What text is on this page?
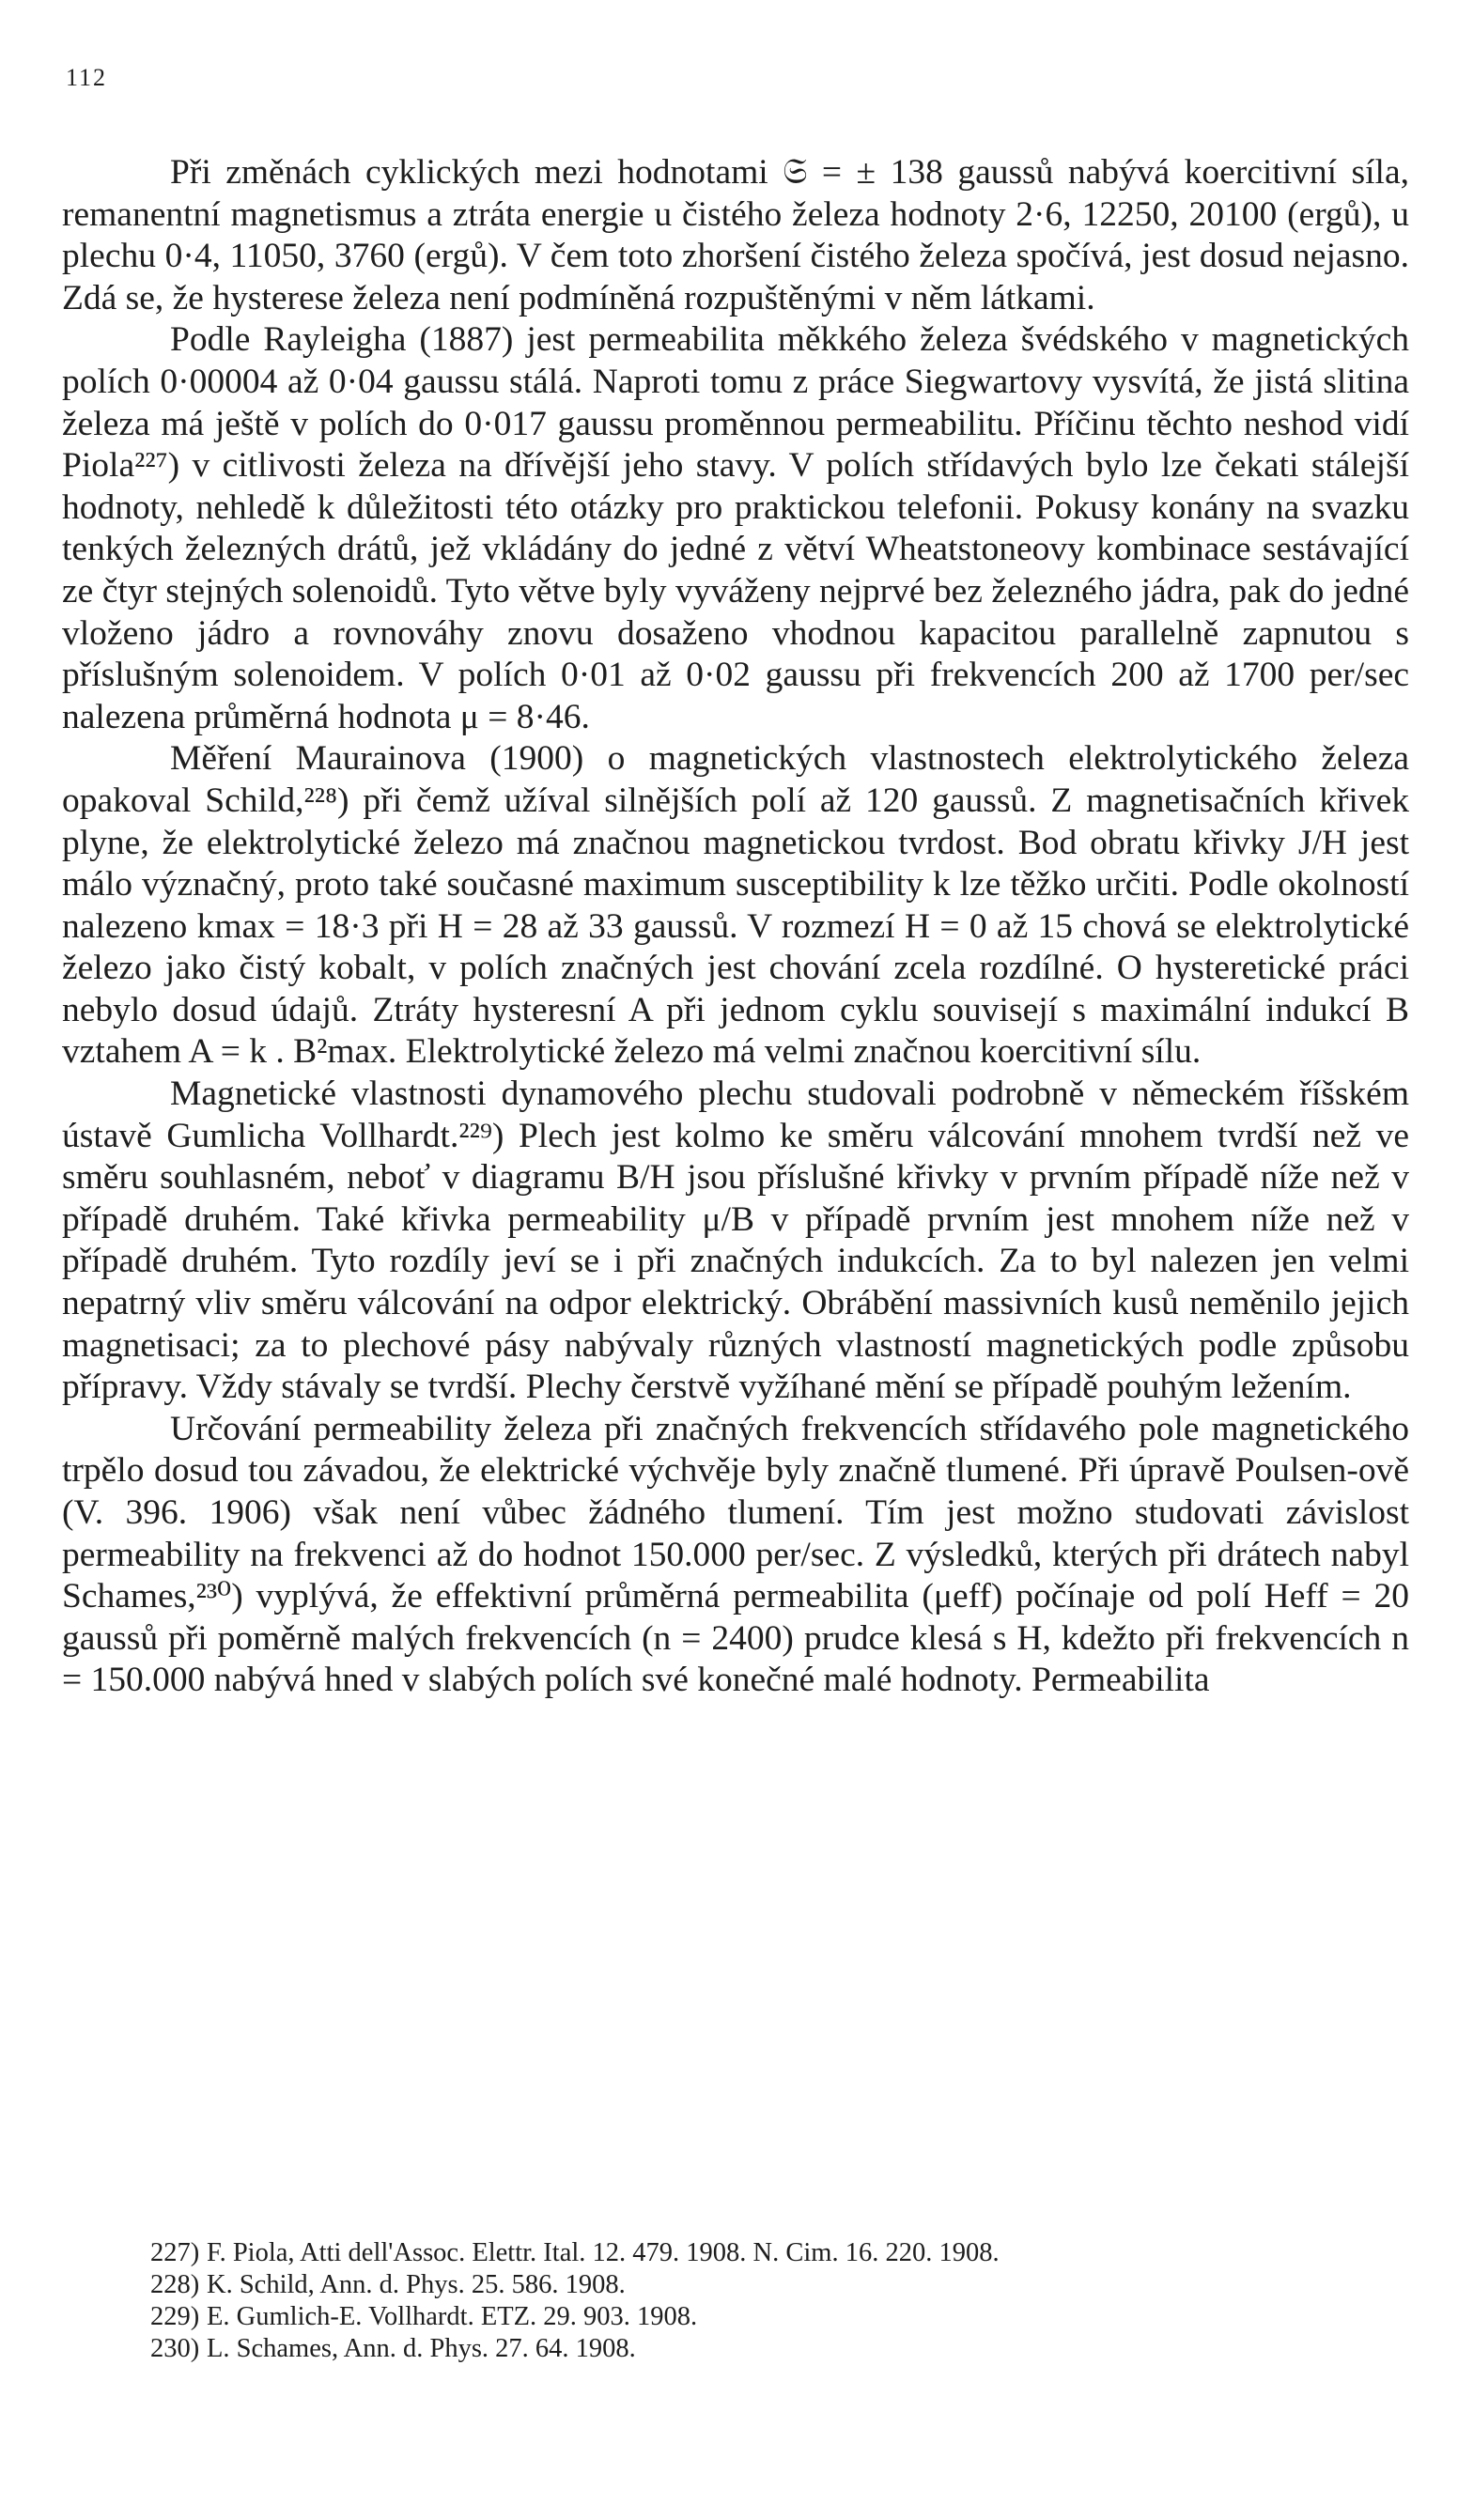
112

Při změnách cyklických mezi hodnotami 𝔖 = ± 138 gaussů nabývá koercitivní síla, remanentní magnetismus a ztráta energie u čistého železa hodnoty 2·6, 12250, 20100 (ergů), u plechu 0·4, 11050, 3760 (ergů). V čem toto zhoršení čistého železa spočívá, jest dosud nejasno. Zdá se, že hysterese železa není podmíněná rozpuštěnými v něm látkami.

Podle Rayleigha (1887) jest permeabilita měkkého železa švédského v magnetických polích 0·00004 až 0·04 gaussu stálá. Naproti tomu z práce Siegwartovy vysvítá, že jistá slitina železa má ještě v polích do 0·017 gaussu proměnnou permeabilitu. Příčinu těchto neshod vidí Piola²²⁷) v citlivosti železa na dřívější jeho stavy. V polích střídavých bylo lze čekati stálejší hodnoty, nehledě k důležitosti této otázky pro praktickou telefonii. Pokusy konány na svazku tenkých železných drátů, jež vkládány do jedné z větví Wheatstoneovy kombinace sestávající ze čtyr stejných solenoidů. Tyto větve byly vyváženy nejprvé bez železného jádra, pak do jedné vloženo jádro a rovnováhy znovu dosaženo vhodnou kapacitou parallelně zapnutou s příslušným solenoidem. V polích 0·01 až 0·02 gaussu při frekvencích 200 až 1700 per/sec nalezena průměrná hodnota μ = 8·46.

Měření Maurainova (1900) o magnetických vlastnostech elektrolytického železa opakoval Schild,²²⁸) při čemž užíval silnějších polí až 120 gaussů. Z magnetisačních křivek plyne, že elektrolytické železo má značnou magnetickou tvrdost. Bod obratu křivky J/H jest málo význačný, proto také současné maximum susceptibility k lze těžko určiti. Podle okolností nalezeno kmax = 18·3 při H = 28 až 33 gaussů. V rozmezí H = 0 až 15 chová se elektrolytické železo jako čistý kobalt, v polích značných jest chování zcela rozdílné. O hysteretické práci nebylo dosud údajů. Ztráty hysteresní A při jednom cyklu souvisejí s maximální indukcí B vztahem A = k . B²max. Elektrolytické železo má velmi značnou koercitivní sílu.

Magnetické vlastnosti dynamového plechu studovali podrobně v německém říšském ústavě Gumlicha Vollhardt.²²⁹) Plech jest kolmo ke směru válcování mnohem tvrdší než ve směru souhlasném, neboť v diagramu B/H jsou příslušné křivky v prvním případě níže než v případě druhém. Také křivka permeability μ/B v případě prvním jest mnohem níže než v případě druhém. Tyto rozdíly jeví se i při značných indukcích. Za to byl nalezen jen velmi nepatrný vliv směru válcování na odpor elektrický. Obrábění massivních kusů neměnilo jejich magnetisaci; za to plechové pásy nabývaly různých vlastností magnetických podle způsobu přípravy. Vždy stávaly se tvrdší. Plechy čerstvě vyžíhané mění se případě pouhým ležením.

Určování permeability železa při značných frekvencích střídavého pole magnetického trpělo dosud tou závadou, že elektrické výchvěje byly značně tlumené. Při úpravě Poulsen-ově (V. 396. 1906) však není vůbec žádného tlumení. Tím jest možno studovati závislost permeability na frekvenci až do hodnot 150.000 per/sec. Z výsledků, kterých při drátech nabyl Schames,²³⁰) vyplývá, že effektivní průměrná permeabilita (μeff) počínaje od polí Heff = 20 gaussů při poměrně malých frekvencích (n = 2400) prudce klesá s H, kdežto při frekvencích n = 150.000 nabývá hned v slabých polích své konečné malé hodnoty. Permeabilita

227) F. Piola, Atti dell'Assoc. Elettr. Ital. 12. 479. 1908. N. Cim. 16. 220. 1908.

228) K. Schild, Ann. d. Phys. 25. 586. 1908.

229) E. Gumlich-E. Vollhardt. ETZ. 29. 903. 1908.

230) L. Schames, Ann. d. Phys. 27. 64. 1908.
